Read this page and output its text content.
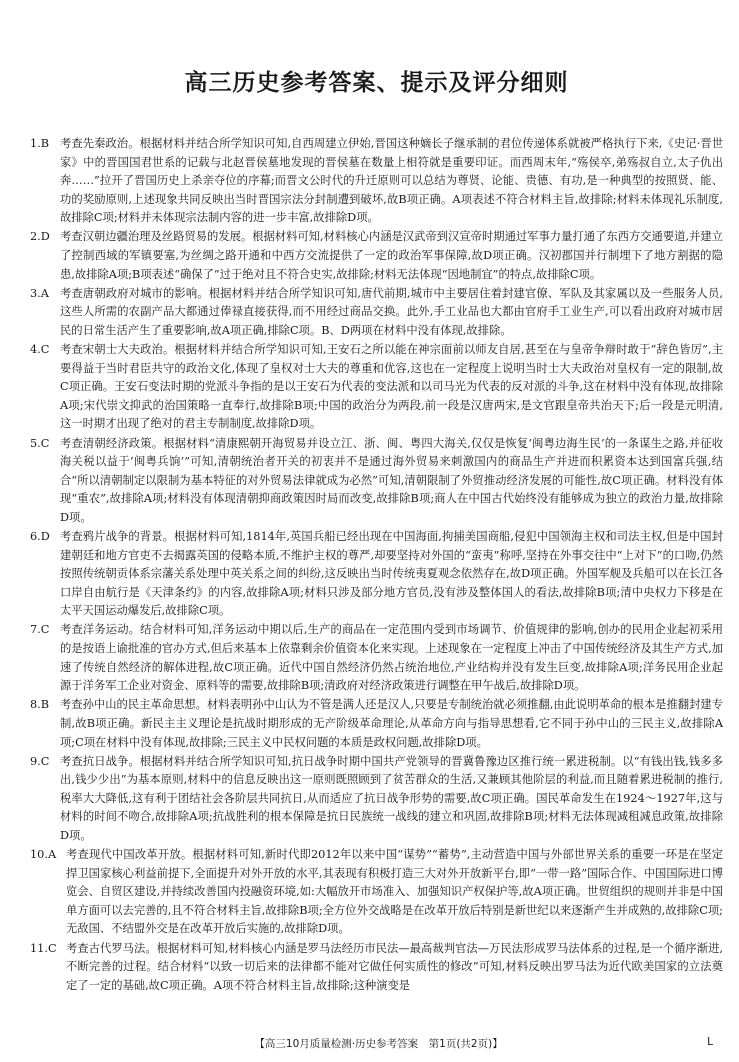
高三历史参考答案、提示及评分细则
1.B 考查先秦政治。根据材料并结合所学知识可知,自西周建立伊始,晋国这种嫡长子继承制的君位传递体系就被严格执行下来,《史记·晋世家》中的晋国国君世系的记载与北赵晋侯墓地发现的晋侯墓在数量上相符就是重要印证。而西周末年,“殇侯卒,弟殇叔自立,太子仇出奔……”拉开了晋国历史上杀亲夺位的序幕;而晋文公时代的升迁原则可以总结为尊贤、论能、贵德、有功,是一种典型的按照贤、能、功的奖励原则,上述现象共同反映出当时晋国宗法分封制遭到破坏,故B项正确。A项表述不符合材料主旨,故排除;材料未体现礼乐制度,故排除C项;材料并未体现宗法制内容的进一步丰富,故排除D项。
2.D 考查汉朝边疆治理及丝路贸易的发展。根据材料可知,材料核心内涵是汉武帝到汉宣帝时期通过军事力量打通了东西方交通要道,并建立了控制西域的军镇要塞,为丝绸之路开通和中西方交流提供了一定的政治军事保障,故D项正确。汉初郡国并行制埋下了地方割据的隐患,故排除A项;B项表述“确保了”过于绝对且不符合史实,故排除;材料无法体现“因地制宜”的特点,故排除C项。
3.A 考查唐朝政府对城市的影响。根据材料并结合所学知识可知,唐代前期,城市中主要居住着封建官僚、军队及其家属以及一些服务人员,这些人所需的农副产品大都通过俸禄直接获得,而不用经过商品交换。此外,手工业品也大都由官府手工业生产,可以看出政府对城市居民的日常生活产生了重要影响,故A项正确,排除C项。B、D两项在材料中没有体现,故排除。
4.C 考查宋朝士大夫政治。根据材料并结合所学知识可知,王安石之所以能在神宗面前以师友自居,甚至在与皇帝争辩时敢于“辞色皆厉”,主要得益于当时君臣共守的政治文化,体现了皇权对士大夫的尊重和优容,这也在一定程度上说明当时士大夫政治对皇权有一定的限制,故C项正确。王安石变法时期的党派斗争指的是以王安石为代表的变法派和以司马光为代表的反对派的斗争,这在材料中没有体现,故排除A项;宋代崇文抑武的治国策略一直奉行,故排除B项;中国的政治分为两段,前一段是汉唐两宋,是文官跟皇帝共治天下;后一段是元明清,这一时期才出现了绝对的君主专制制度,故排除D项。
5.C 考查清朝经济政策。根据材料“清康熙朝开海贸易并设立江、浙、闽、粤四大海关,仅仅是恢复‘闽粤边海生民’的一条谋生之路,并征收海关税以益于‘闽粤兵饷’”可知,清朝统治者开关的初衷并不是通过海外贸易来刺激国内的商品生产并进而积累资本达到国富兵强,结合“所以清朝制定以限制为基本特征的对外贸易法律就成为必然”可知,清朝限制了外贸推动经济发展的可能性,故C项正确。材料没有体现“重农”,故排除A项;材料没有体现清朝抑商政策因时局而改变,故排除B项;商人在中国古代始终没有能够成为独立的政治力量,故排除D项。
6.D 考查鸦片战争的背景。根据材料可知,1814年,英国兵船已经出现在中国海面,拘捕美国商船,侵犯中国领海主权和司法主权,但是中国封建朝廷和地方官吏不去揭露英国的侵略本质,不维护主权的尊严,却要坚持对外国的“蛮夷”称呼,坚持在外事交往中“上对下”的口吻,仍然按照传统朝贡体系宗藩关系处理中英关系之间的纠纷,这反映出当时传统夷夏观念依然存在,故D项正确。外国军舰及兵船可以在长江各口岸自由航行是《天津条约》的内容,故排除A项;材料只涉及部分地方官员,没有涉及整体国人的看法,故排除B项;清中央权力下移是在太平天国运动爆发后,故排除C项。
7.C 考查洋务运动。结合材料可知,洋务运动中期以后,生产的商品在一定范围内受到市场调节、价值规律的影响,创办的民用企业起初采用的是按语上谕批准的官办方式,但后来基本上依靠剩余价值资本化来实现。上述现象在一定程度上冲击了中国传统经济及其生产方式,加速了传统自然经济的解体进程,故C项正确。近代中国自然经济仍然占统治地位,产业结构并没有发生巨变,故排除A项;洋务民用企业起源于洋务军工企业对资金、原料等的需要,故排除B项;清政府对经济政策进行调整在甲午战后,故排除D项。
8.B 考查孙中山的民主革命思想。材料表明孙中山认为不管是满人还是汉人,只要是专制统治就必须推翻,由此说明革命的根本是推翻封建专制,故B项正确。新民主主义理论是抗战时期形成的无产阶级革命理论,从革命方向与指导思想看,它不同于孙中山的三民主义,故排除A项;C项在材料中没有体现,故排除;三民主义中民权问题的本质是政权问题,故排除D项。
9.C 考查抗日战争。根据材料并结合所学知识可知,抗日战争时期中国共产党领导的晋冀鲁豫边区推行统一累进税制。以“有钱出钱,钱多多出,钱少少出”为基本原则,材料中的信息反映出这一原则既照顾到了贫苦群众的生活,又兼顾其他阶层的利益,而且随着累进税制的推行,税率大大降低,这有利于团结社会各阶层共同抗日,从而适应了抗日战争形势的需要,故C项正确。国民革命发生在1924～1927年,这与材料的时间不吻合,故排除A项;抗战胜利的根本保障是抗日民族统一战线的建立和巩固,故排除B项;材料无法体现减租减息政策,故排除D项。
10.A 考查现代中国改革开放。根据材料可知,新时代即2012年以来中国“谋势”“蓄势”,主动营造中国与外部世界关系的重要一环是在坚定捍卫国家核心利益前提下,全面提升对外开放的水平,其表现有积极打造三大对外开放新平台,即“一带一路”国际合作、中国国际进口博览会、自贸区建设,并持续改善国内投融资环境,如:大幅放开市场准入、加强知识产权保护等,故A项正确。世贸组织的规则并非是中国单方面可以去完善的,且不符合材料主旨,故排除B项;全方位外交战略是在改革开放后特别是新世纪以来逐渐产生并成熟的,故排除C项;无敌国、不结盟外交是在改革开放后实施的,故排除D项。
11.C 考查古代罗马法。根据材料可知,材料核心内涵是罗马法经历市民法—最高裁判官法—万民法形成罗马法体系的过程,是一个循序渐进,不断完善的过程。结合材料“以致一切后来的法律都不能对它做任何实质性的修改”可知,材料反映出罗马法为近代欧美国家的立法奠定了一定的基础,故C项正确。A项不符合材料主旨,故排除;这种演变是
【高三10月质量检测·历史参考答案　第1页(共2页)】	L
